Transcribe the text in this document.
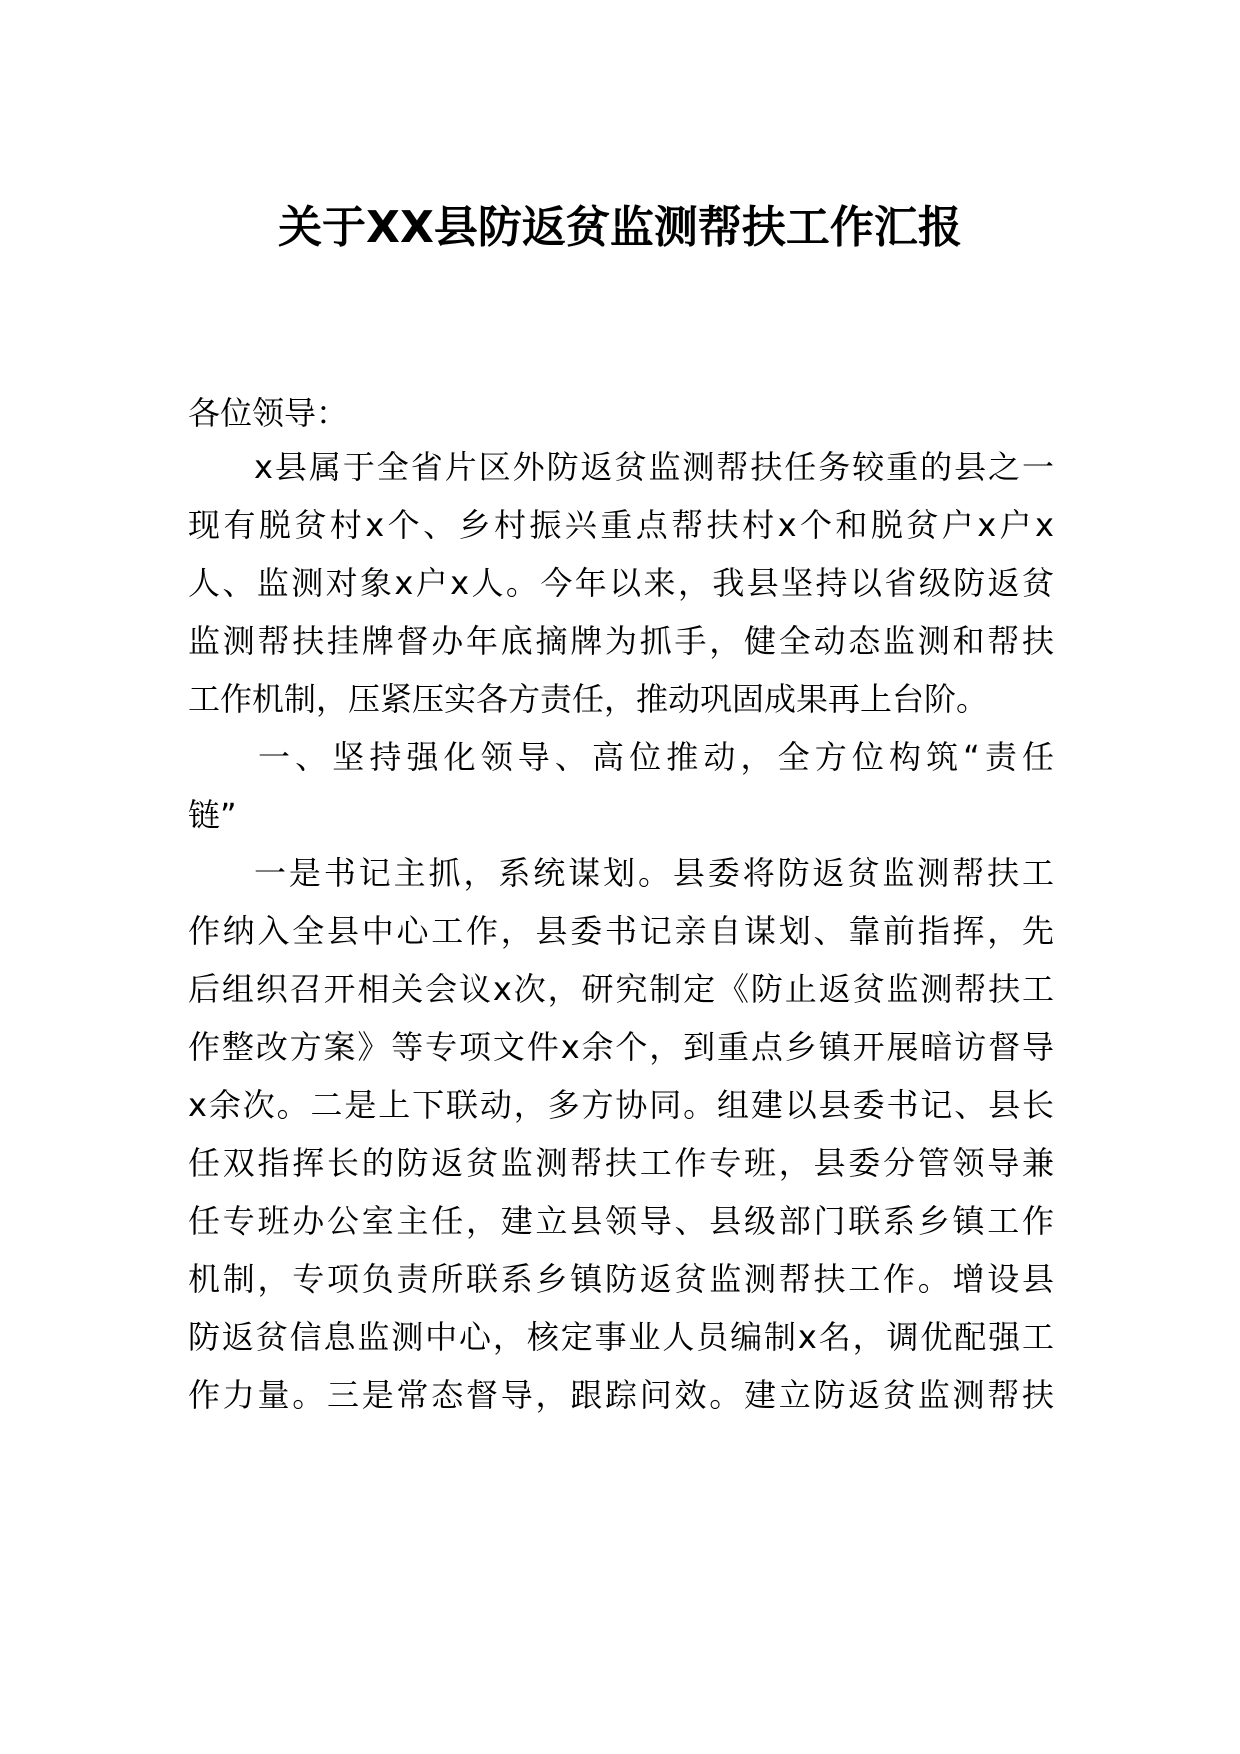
关于XX县防返贫监测帮扶工作汇报
各位领导：
x县属于全省片区外防返贫监测帮扶任务较重的县之一
现有脱贫村x个、乡村振兴重点帮扶村x个和脱贫户x户x
人、监测对象x户x人。今年以来，我县坚持以省级防返贫
监测帮扶挂牌督办年底摘牌为抓手，健全动态监测和帮扶
工作机制，压紧压实各方责任，推动巩固成果再上台阶。
一、坚持强化领导、高位推动，全方位构筑“责任
链”
一是书记主抓，系统谋划。县委将防返贫监测帮扶工
作纳入全县中心工作，县委书记亲自谋划、靠前指挥，先
后组织召开相关会议x次，研究制定《防止返贫监测帮扶工
作整改方案》等专项文件x余个，到重点乡镇开展暗访督导
x余次。二是上下联动，多方协同。组建以县委书记、县长
任双指挥长的防返贫监测帮扶工作专班，县委分管领导兼
任专班办公室主任，建立县领导、县级部门联系乡镇工作
机制，专项负责所联系乡镇防返贫监测帮扶工作。增设县
防返贫信息监测中心，核定事业人员编制x名，调优配强工
作力量。三是常态督导，跟踪问效。建立防返贫监测帮扶
